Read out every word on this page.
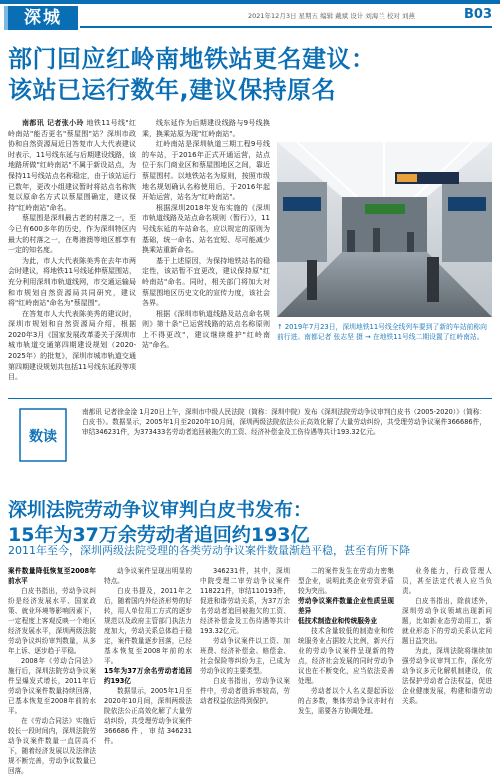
深城	2021年12月3日 星期五 编辑 戴斌 设计 刘海兰 校对 刘燕	B03
部门回应红岭南地铁站更名建议：
该站已运行数年,建议保持原名

南都讯 记者张小玲 地铁11号线"红岭南站"能否更名"蔡屋围"站？深圳市政协和自然资源局近日答复市人大代表建议时表示，11号线东延与后期建设线路，该地路所做"红岭南站"不属于新设站点，为保持11号线站点名称稳定，由于该站运行已数年，更改小组建议暂时将站点名称恢复以原命名方式以蔡屋围确定，建议保持"红岭南站"命名。

蔡屋围是深圳最古老的村落之一，至今已有600多年的历史，作为深圳特区内最大的村落之一，在粤港澳等地区都享有一定的知名度。

为此，市人大代表陈美秀在去年市两会时建议，将地铁11号线延伸蔡屋围站，充分利用深圳市轨道线网，市交通运输局和市规划自然资源局共同研究，建议将"红岭南站"命名为"蔡屋围"。

在答复市人大代表陈美秀的建议时，深圳市规划和自然资源局介绍，根据2020年3月《国家发展改革委关于深圳市城市轨道交通第四期建设规划（2020-2025年）的批复》，深圳市城市轨道交通第四期建设规划共包括11号线东延段等项目。

线东延作为后期建设线路与9号线换乘，换乘站原为现"红岭南站"。

红岭南站是深圳轨道三期工程9号线的车站，于2016年正式开通运营，站点位于东门商业区和蔡屋围地区之间，靠近蔡屋围村。以地铁站名为原则，按照市级地名规划确认名称使用后，于2016年起开始运营，站名为"红岭南站"。

根据深圳2018年发布实施的《深圳市轨道线路及站点命名规则（暂行）》，11号线东延的车站命名，应以规定的原则为基础，统一命名、站名宜短、尽可能减少换乘站重新命名。

基于上述原因，为保持地铁站名的稳定性，该站暂不宜更改，建议保持原"红岭南站"命名。同时，相关部门将加大对蔡屋围地区历史文化的宣传力度，该社会各界。

根据《深圳市轨道线路及站点命名规则》第十条"已运营线路的站点名称原则上不得更改"，建议继续维护"红岭南站"命名。

↑ 2019年7月23日，深圳地铁11号线全线列车要到了新的车站前称向前行进。南都记者 张志坚 摄 → 在地铁11号线二期设置了红岭南站。
数读
南都讯 记者徐金淦 1月20日上午，深圳市中级人民法院（简称：深圳中院）发布《深圳法院劳动争议审判白皮书（2005-2020）》（简称：白皮书）。数据显示，2005年1月至2020年10月间，深圳两级法院依法公正高效化解了大量劳动纠纷，共受理劳动争议案件366686件，审结346231件，为373433名劳动者追回被拖欠的工资、经济补偿金及工伤待遇等共计193.32亿元。
深圳法院劳动争议审判白皮书发布：
15年为37万余劳动者追回约193亿
2011年至今，深圳两级法院受理的各类劳动争议案件数量渐趋平稳，甚至有所下降

案件数量降低恢复至2008年前水平

白皮书指出，劳动争议纠纷是经济发展水平、国家政策、就业环境等影响因素下，一定程度上客观反映一个地区经济发展水平，深圳两级法院劳动争议纠纷审判数量，从多年上诉、逐步趋于平稳。

2008年《劳动合同法》施行后，深圳法院劳动争议案件呈爆发式增长，2011年后劳动争议案件数量持续回落，已基本恢复至2008年前的水平。

在《劳动合同法》实施后较长一段时间内，深圳法院劳动争议案件数量一直居高不下，随着经济发展以及法律法规不断完善，劳动争议数量已回落。

动争议案件呈现出明显的特点。

白皮书提及，2011年之后，随着国内外经济形势的好转，用人单位用工方式的逐步规范以及政府主管部门执法力度加大，劳动关系总体趋于稳定，案件数量逐步回落，已经基本恢复至2008年前的水平。

15年为37万余名劳动者追回约193亿

数据显示，2005年1月至2020年10月间，深圳两级法院依法公正高效化解了大量劳动纠纷，共受理劳动争议案件366686件，审结346231件。

346231件，其中，深圳中院受理二审劳动争议案件118221件，审结110193件，促进和谐劳动关系，为37万余名劳动者追回被拖欠的工资、经济补偿金及工伤待遇等共计193.32亿元。

劳动争议案件以工资、加班费、经济补偿金、赔偿金、社会保险等纠纷为主，已成为劳动争议的主要类型。

白皮书指出，劳动争议案件中，劳动者胜诉率较高，劳动者权益依法得到保护。

二的案件发生在劳动力密集型企业，说明此类企业劳资矛盾较为突出。

劳动争议案件数量企业性质呈现差异

低技术制造业和传统服务业

技术含量较低的制造业和传统服务业占据较大比例，新兴行业的劳动争议案件呈现新的特点，经济社会发展的同时劳动争议也在不断变化，应当依法妥善处理。

劳动者以个人名义提起诉讼的占多数，集体劳动争议亦时有发生，需要各方协调处理。

业务能力，行政管理人员，甚至法定代表人应当负责。

白皮书指出，除前述外，深圳劳动争议领域出现新问题，比如新业态劳动用工，新就业形态下的劳动关系认定问题日益突出。

为此，深圳法院将继续加强劳动争议审判工作，深化劳动争议多元化解机制建设，依法保护劳动者合法权益，促进企业健康发展，构建和谐劳动关系。
